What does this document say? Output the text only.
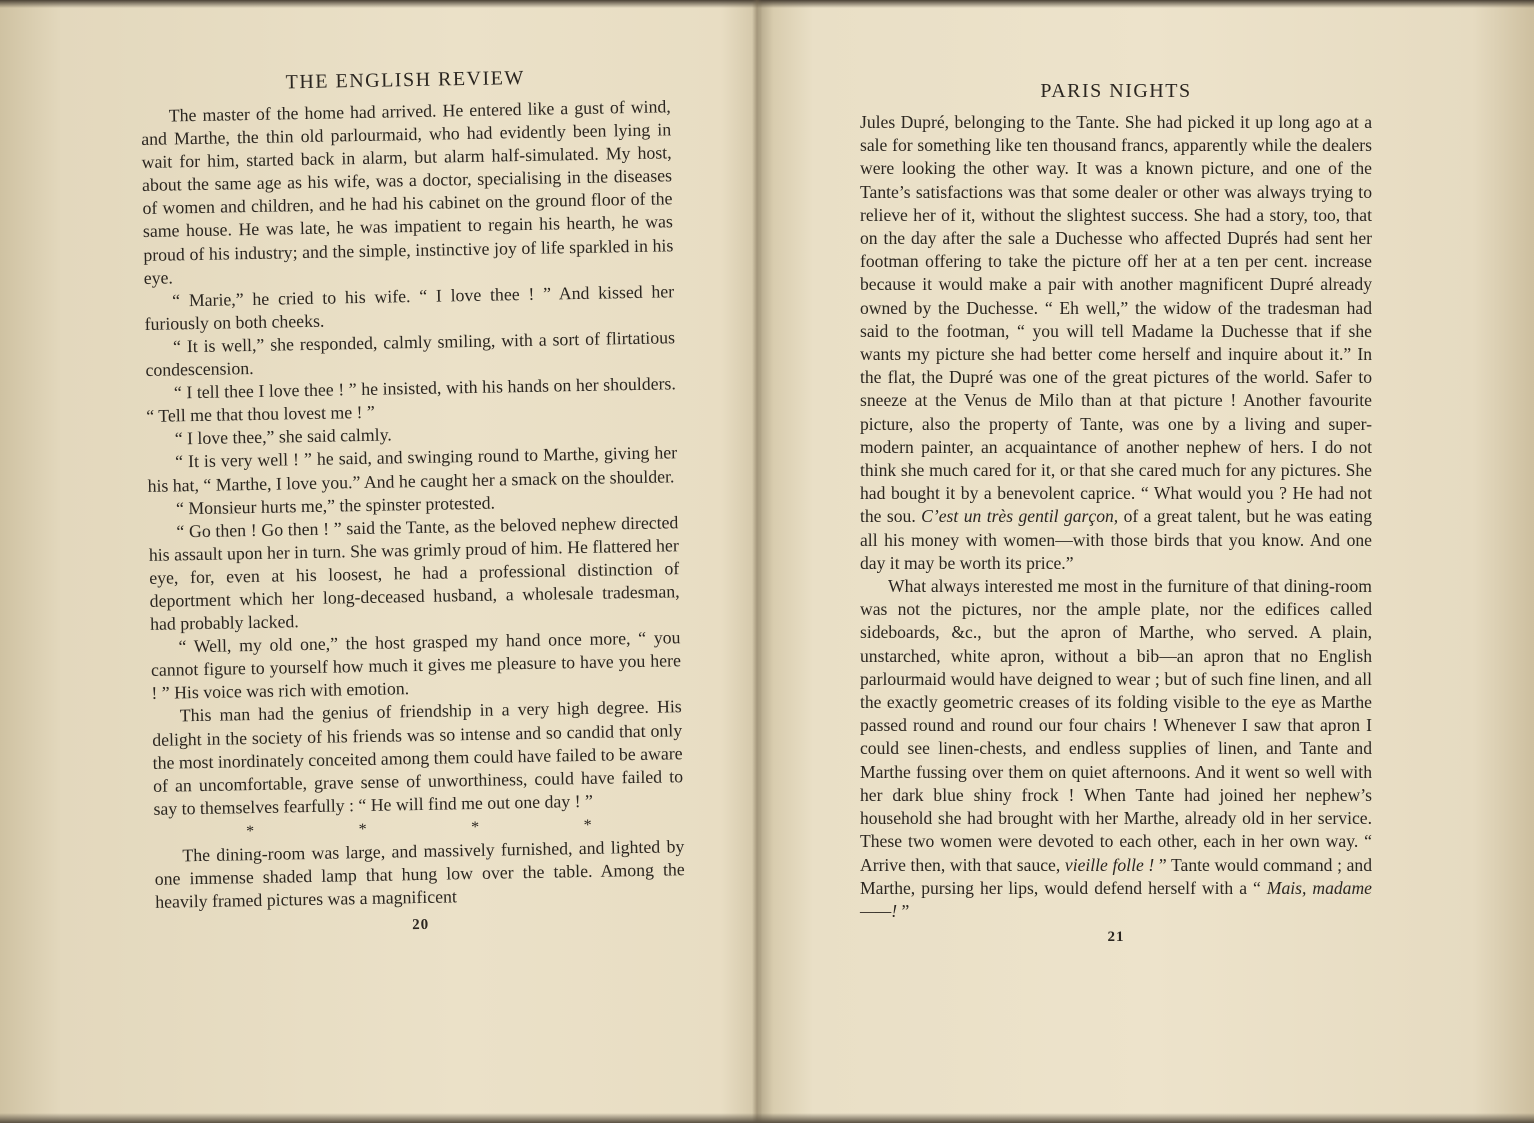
THE ENGLISH REVIEW

The master of the home had arrived. He entered like a gust of wind, and Marthe, the thin old parlourmaid, who had evidently been lying in wait for him, started back in alarm, but alarm half-simulated. My host, about the same age as his wife, was a doctor, specialising in the diseases of women and children, and he had his cabinet on the ground floor of the same house. He was late, he was impatient to regain his hearth, he was proud of his industry; and the simple, instinctive joy of life sparkled in his eye.

“ Marie,” he cried to his wife. “ I love thee ! ” And kissed her furiously on both cheeks.

“ It is well,” she responded, calmly smiling, with a sort of flirtatious condescension.

“ I tell thee I love thee ! ” he insisted, with his hands on her shoulders. “ Tell me that thou lovest me ! ”

“ I love thee,” she said calmly.

“ It is very well ! ” he said, and swinging round to Marthe, giving her his hat, “ Marthe, I love you.” And he caught her a smack on the shoulder.

“ Monsieur hurts me,” the spinster protested.

“ Go then ! Go then ! ” said the Tante, as the beloved nephew directed his assault upon her in turn. She was grimly proud of him. He flattered her eye, for, even at his loosest, he had a professional distinction of deportment which her long-deceased husband, a wholesale tradesman, had probably lacked.

“ Well, my old one,” the host grasped my hand once more, “ you cannot figure to yourself how much it gives me pleasure to have you here ! ” His voice was rich with emotion.

This man had the genius of friendship in a very high degree. His delight in the society of his friends was so intense and so candid that only the most inordinately conceited among them could have failed to be aware of an uncomfortable, grave sense of unworthiness, could have failed to say to themselves fearfully : “ He will find me out one day ! ”

*	*	*	*

The dining-room was large, and massively furnished, and lighted by one immense shaded lamp that hung low over the table. Among the heavily framed pictures was a magnificent

20
PARIS NIGHTS

Jules Dupré, belonging to the Tante. She had picked it up long ago at a sale for something like ten thousand francs, apparently while the dealers were looking the other way. It was a known picture, and one of the Tante’s satisfactions was that some dealer or other was always trying to relieve her of it, without the slightest success. She had a story, too, that on the day after the sale a Duchesse who affected Duprés had sent her footman offering to take the picture off her at a ten per cent. increase because it would make a pair with another magnificent Dupré already owned by the Duchesse. “ Eh well,” the widow of the tradesman had said to the footman, “ you will tell Madame la Duchesse that if she wants my picture she had better come herself and inquire about it.” In the flat, the Dupré was one of the great pictures of the world. Safer to sneeze at the Venus de Milo than at that picture ! Another favourite picture, also the property of Tante, was one by a living and super-modern painter, an acquaintance of another nephew of hers. I do not think she much cared for it, or that she cared much for any pictures. She had bought it by a benevolent caprice. “ What would you ? He had not the sou. C’est un très gentil garçon, of a great talent, but he was eating all his money with women—with those birds that you know. And one day it may be worth its price.”

What always interested me most in the furniture of that dining-room was not the pictures, nor the ample plate, nor the edifices called sideboards, &c., but the apron of Marthe, who served. A plain, unstarched, white apron, without a bib—an apron that no English parlourmaid would have deigned to wear ; but of such fine linen, and all the exactly geometric creases of its folding visible to the eye as Marthe passed round and round our four chairs ! Whenever I saw that apron I could see linen-chests, and endless supplies of linen, and Tante and Marthe fussing over them on quiet afternoons. And it went so well with her dark blue shiny frock ! When Tante had joined her nephew’s household she had brought with her Marthe, already old in her service. These two women were devoted to each other, each in her own way. “ Arrive then, with that sauce, vieille folle ! ” Tante would command ; and Marthe, pursing her lips, would defend herself with a “ Mais, madame——! ”

21
